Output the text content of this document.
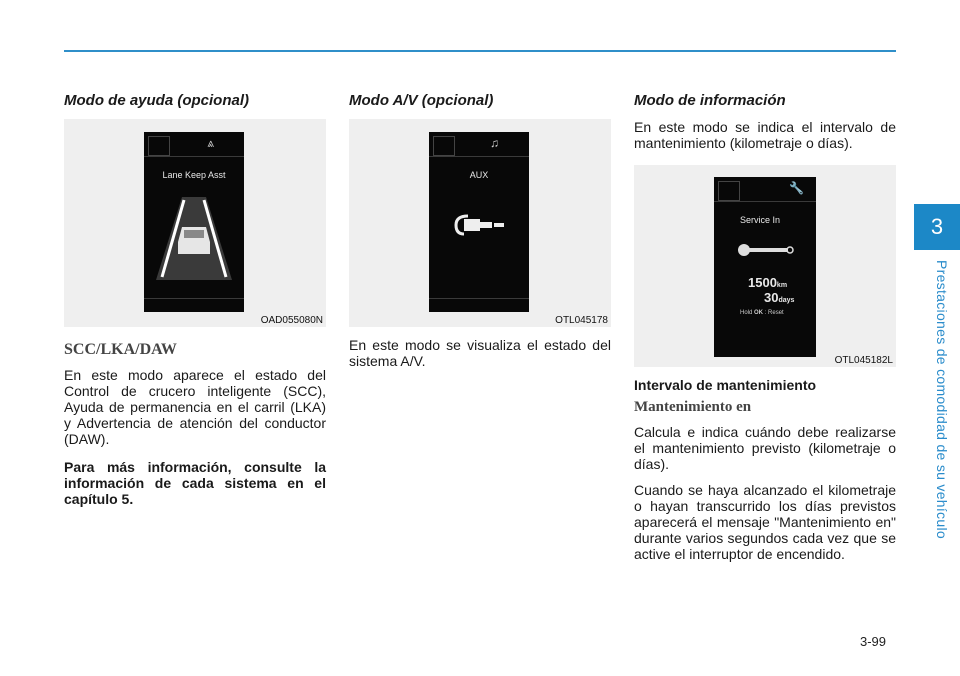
3
Prestaciones de comodidad de su vehículo
Modo de ayuda (opcional)
⩓
Lane Keep Asst
OAD055080N
SCC/LKA/DAW

En este modo aparece el estado del Control de crucero inteligente (SCC), Ayuda de permanencia en el carril (LKA) y Advertencia de atención del conductor (DAW).

Para más información, consulte la información de cada sistema en el capítulo 5.

Modo A/V (opcional)
♫
AUX
OTL045178

En este modo se visualiza el estado del sistema A/V.

Modo de información

En este modo se indica el intervalo de mantenimiento (kilometraje o días).

🔧
Service In
1500km
30days
Hold OK : Reset
OTL045182L
Intervalo de mantenimiento
Mantenimiento en

Calcula e indica cuándo debe realizarse el mantenimiento previsto (kilometraje o días).

Cuando se haya alcanzado el kilometraje o hayan transcurrido los días previstos aparecerá el mensaje "Mantenimiento en" durante varios segundos cada vez que se active el interruptor de encendido.

3-99
